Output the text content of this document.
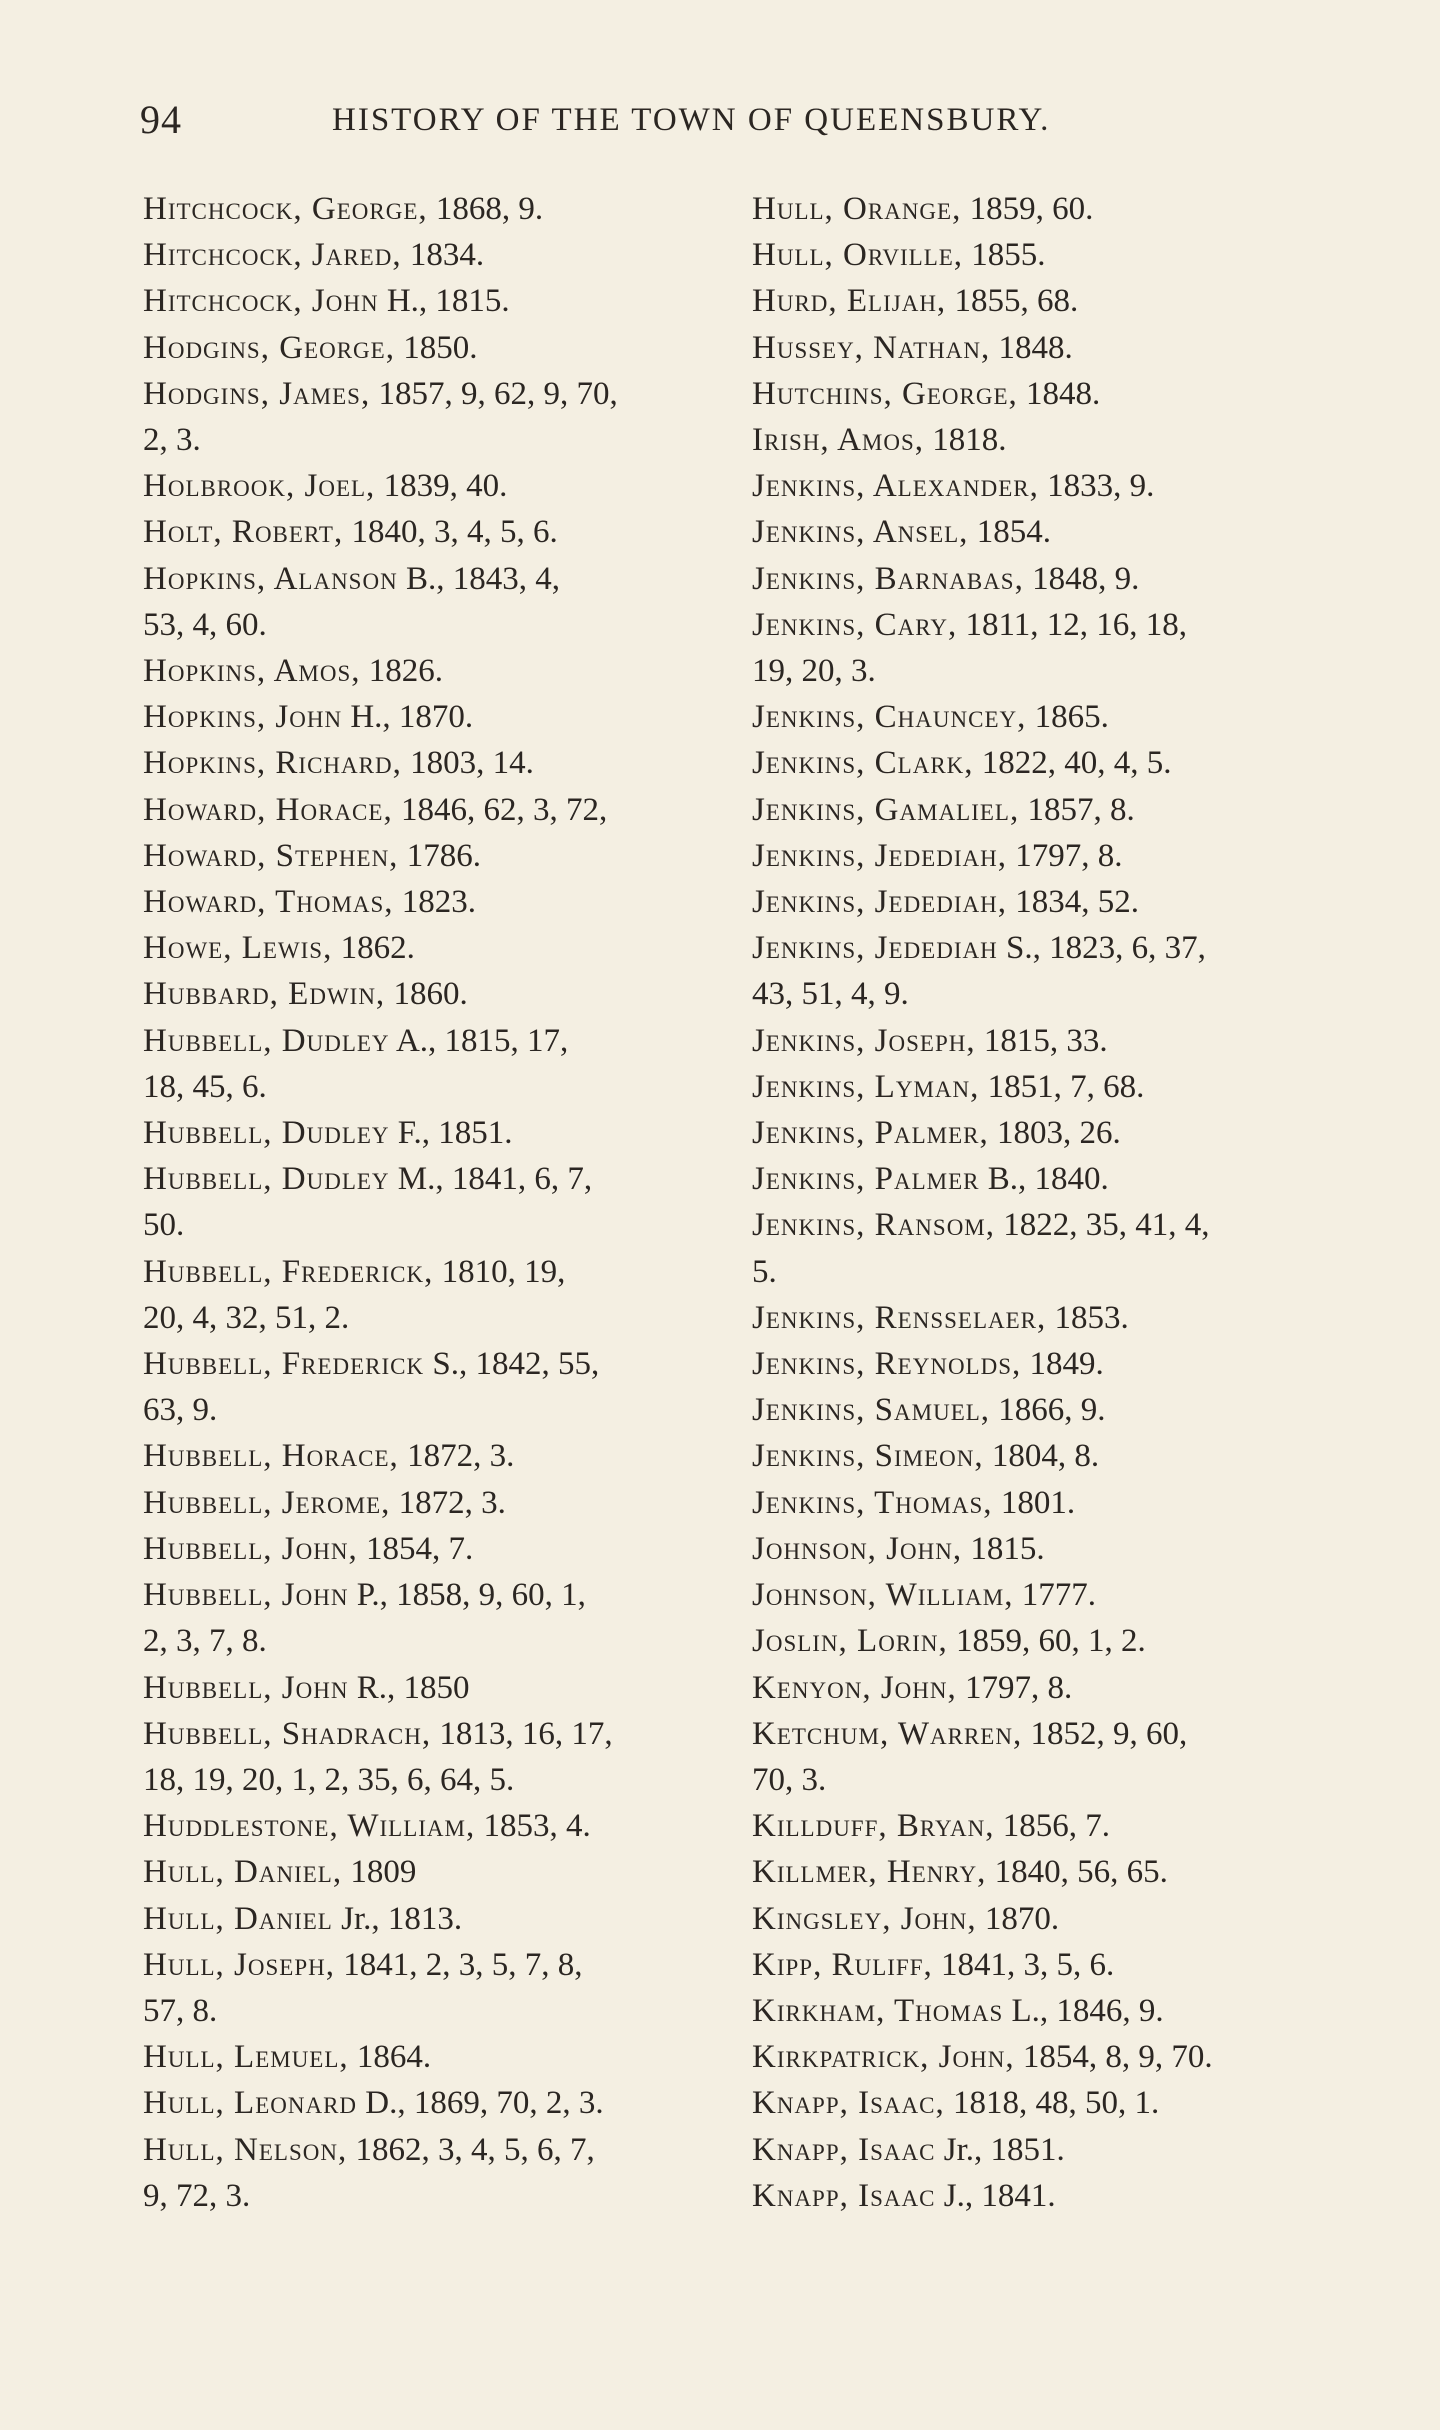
94	HISTORY OF THE TOWN OF QUEENSBURY.
Hitchcock, George, 1868, 9.
Hitchcock, Jared, 1834.
Hitchcock, John H., 1815.
Hodgins, George, 1850.
Hodgins, James, 1857, 9, 62, 9, 70,
2, 3.
Holbrook, Joel, 1839, 40.
Holt, Robert, 1840, 3, 4, 5, 6.
Hopkins, Alanson B., 1843, 4,
53, 4, 60.
Hopkins, Amos, 1826.
Hopkins, John H., 1870.
Hopkins, Richard, 1803, 14.
Howard, Horace, 1846, 62, 3, 72,
Howard, Stephen, 1786.
Howard, Thomas, 1823.
Howe, Lewis, 1862.
Hubbard, Edwin, 1860.
Hubbell, Dudley A., 1815, 17,
18, 45, 6.
Hubbell, Dudley F., 1851.
Hubbell, Dudley M., 1841, 6, 7,
50.
Hubbell, Frederick, 1810, 19,
20, 4, 32, 51, 2.
Hubbell, Frederick S., 1842, 55,
63, 9.
Hubbell, Horace, 1872, 3.
Hubbell, Jerome, 1872, 3.
Hubbell, John, 1854, 7.
Hubbell, John P., 1858, 9, 60, 1,
2, 3, 7, 8.
Hubbell, John R., 1850
Hubbell, Shadrach, 1813, 16, 17,
18, 19, 20, 1, 2, 35, 6, 64, 5.
Huddlestone, William, 1853, 4.
Hull, Daniel, 1809
Hull, Daniel Jr., 1813.
Hull, Joseph, 1841, 2, 3, 5, 7, 8,
57, 8.
Hull, Lemuel, 1864.
Hull, Leonard D., 1869, 70, 2, 3.
Hull, Nelson, 1862, 3, 4, 5, 6, 7,
9, 72, 3.
Hull, Orange, 1859, 60.
Hull, Orville, 1855.
Hurd, Elijah, 1855, 68.
Hussey, Nathan, 1848.
Hutchins, George, 1848.
Irish, Amos, 1818.
Jenkins, Alexander, 1833, 9.
Jenkins, Ansel, 1854.
Jenkins, Barnabas, 1848, 9.
Jenkins, Cary, 1811, 12, 16, 18,
19, 20, 3.
Jenkins, Chauncey, 1865.
Jenkins, Clark, 1822, 40, 4, 5.
Jenkins, Gamaliel, 1857, 8.
Jenkins, Jedediah, 1797, 8.
Jenkins, Jedediah, 1834, 52.
Jenkins, Jedediah S., 1823, 6, 37,
43, 51, 4, 9.
Jenkins, Joseph, 1815, 33.
Jenkins, Lyman, 1851, 7, 68.
Jenkins, Palmer, 1803, 26.
Jenkins, Palmer B., 1840.
Jenkins, Ransom, 1822, 35, 41, 4,
5.
Jenkins, Rensselaer, 1853.
Jenkins, Reynolds, 1849.
Jenkins, Samuel, 1866, 9.
Jenkins, Simeon, 1804, 8.
Jenkins, Thomas, 1801.
Johnson, John, 1815.
Johnson, William, 1777.
Joslin, Lorin, 1859, 60, 1, 2.
Kenyon, John, 1797, 8.
Ketchum, Warren, 1852, 9, 60,
70, 3.
Killduff, Bryan, 1856, 7.
Killmer, Henry, 1840, 56, 65.
Kingsley, John, 1870.
Kipp, Ruliff, 1841, 3, 5, 6.
Kirkham, Thomas L., 1846, 9.
Kirkpatrick, John, 1854, 8, 9, 70.
Knapp, Isaac, 1818, 48, 50, 1.
Knapp, Isaac Jr., 1851.
Knapp, Isaac J., 1841.
